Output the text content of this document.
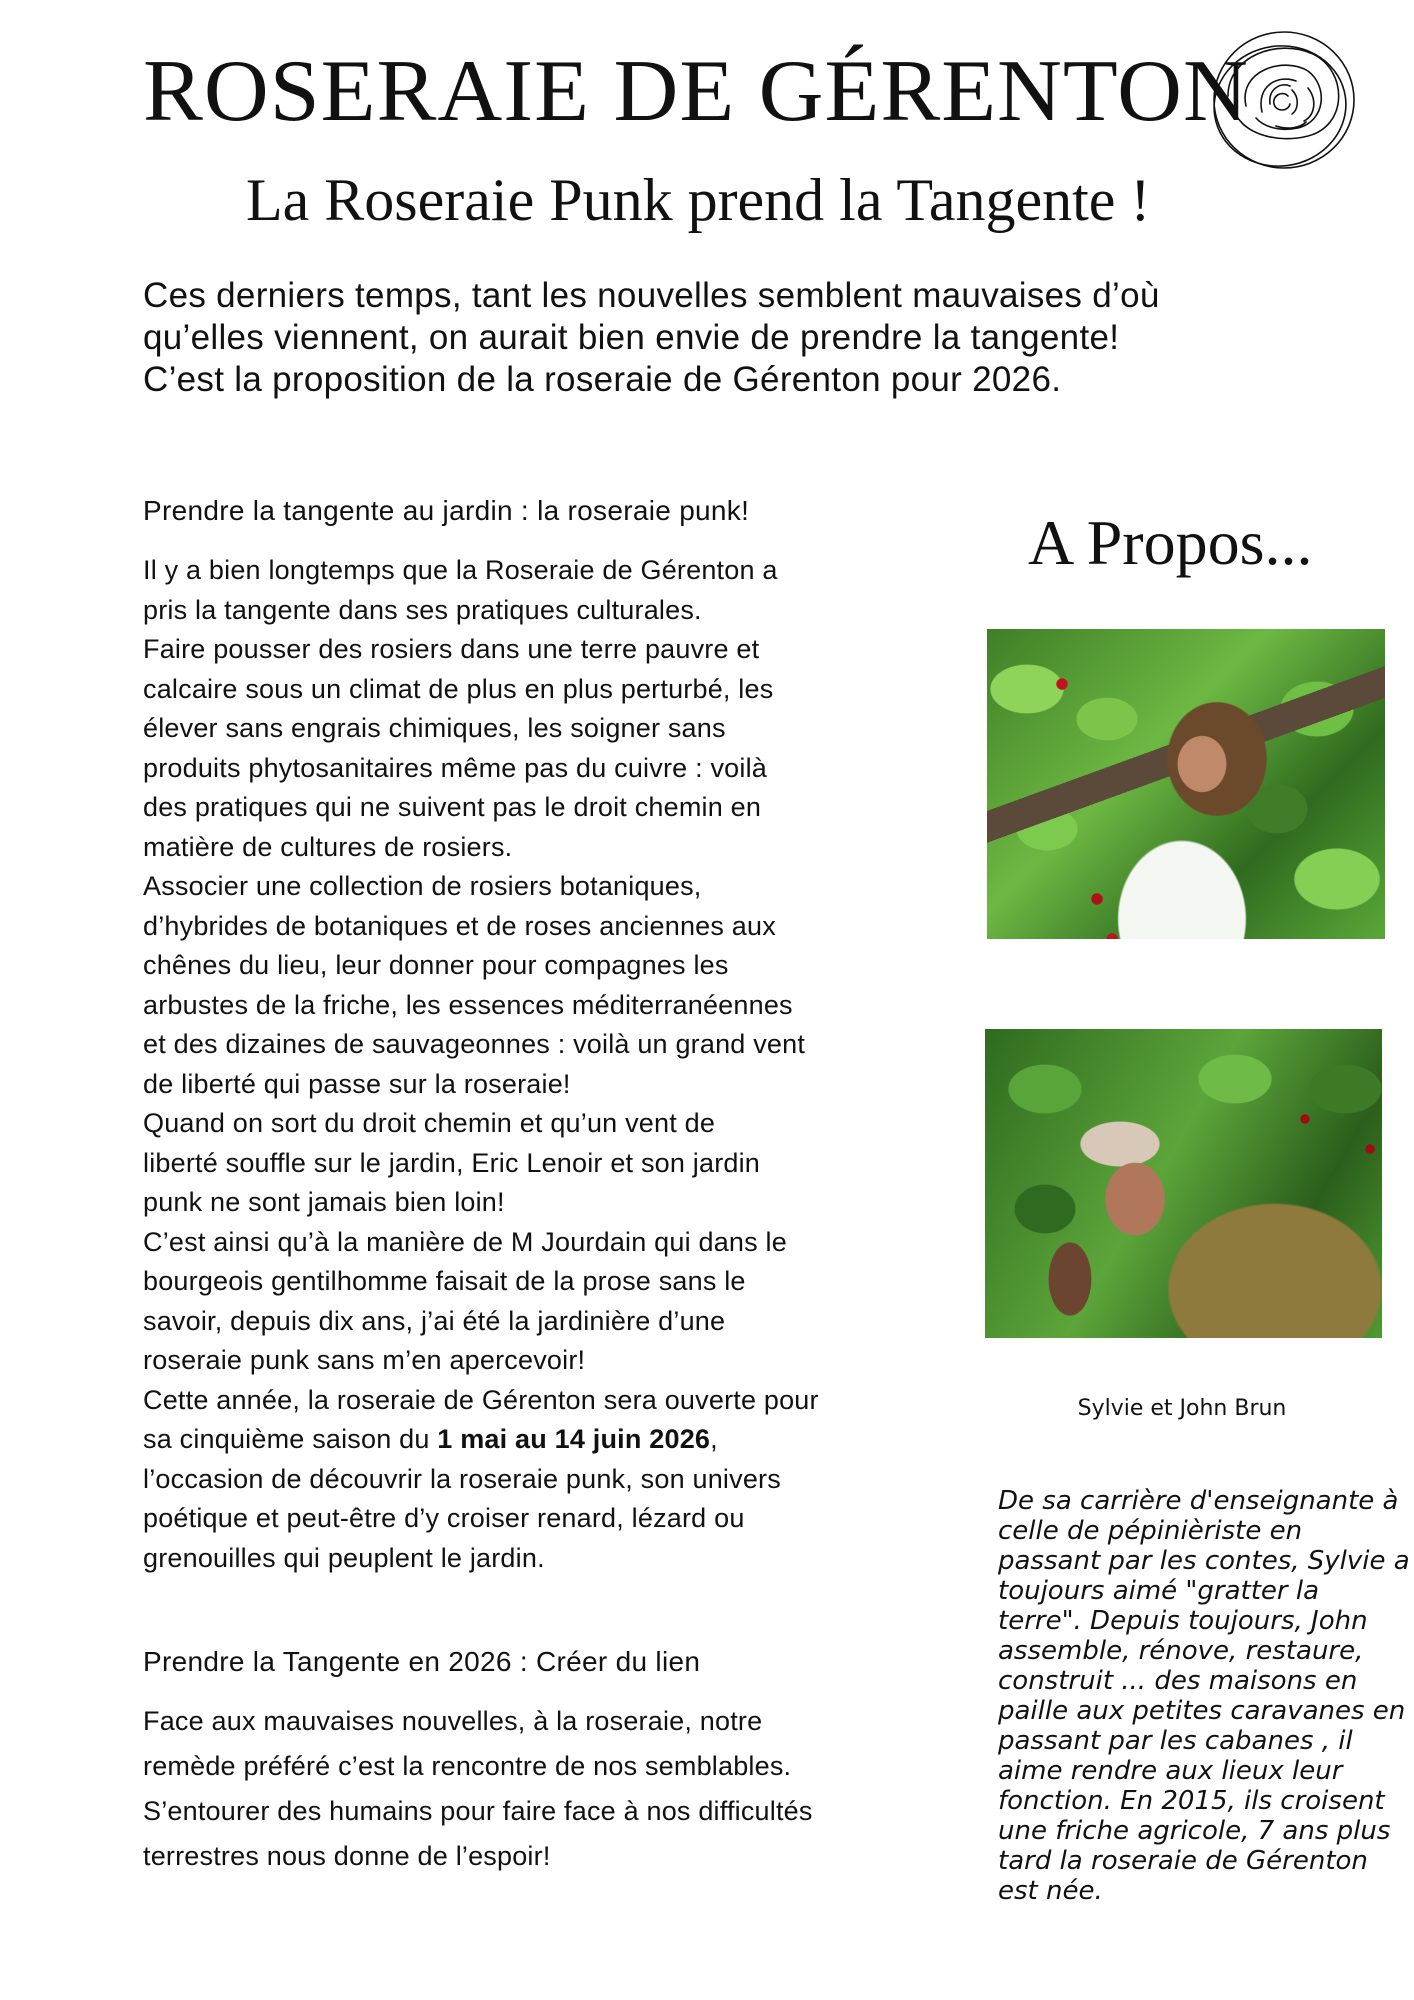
ROSERAIE DE GÉRENTON
La Roseraie Punk prend la Tangente !
Ces derniers temps, tant les nouvelles semblent mauvaises d’où
qu’elles viennent, on aurait bien envie de prendre la tangente!
C’est la proposition de la roseraie de Gérenton pour 2026.
Prendre la tangente au jardin : la roseraie punk!
Il y a bien longtemps que la Roseraie de Gérenton a
pris la tangente dans ses pratiques culturales.
Faire pousser des rosiers dans une terre pauvre et
calcaire sous un climat de plus en plus perturbé, les
élever sans engrais chimiques, les soigner sans
produits phytosanitaires même pas du cuivre : voilà
des pratiques qui ne suivent pas le droit chemin en
matière de cultures de rosiers.
Associer une collection de rosiers botaniques,
d’hybrides de botaniques et de roses anciennes aux
chênes du lieu, leur donner pour compagnes les
arbustes de la friche, les essences méditerranéennes
et des dizaines de sauvageonnes : voilà un grand vent
de liberté qui passe sur la roseraie!
Quand on sort du droit chemin et qu’un vent de
liberté souffle sur le jardin, Eric Lenoir et son jardin
punk ne sont jamais bien loin!
C’est ainsi qu’à la manière de M Jourdain qui dans le
bourgeois gentilhomme faisait de la prose sans le
savoir, depuis dix ans, j’ai été la jardinière d’une
roseraie punk sans m’en apercevoir!
Cette année, la roseraie de Gérenton sera ouverte pour
sa cinquième saison du 1 mai au 14 juin 2026,
l’occasion de découvrir la roseraie punk, son univers
poétique et peut-être d’y croiser renard, lézard ou
grenouilles qui peuplent le jardin.
Prendre la Tangente en 2026 : Créer du lien
Face aux mauvaises nouvelles, à la roseraie, notre
remède préféré c’est la rencontre de nos semblables.
S’entourer des humains pour faire face à nos difficultés
terrestres nous donne de l’espoir!
A Propos...
Sylvie et John Brun
De sa carrière d'enseignante à
celle de pépinièriste en
passant par les contes, Sylvie a
toujours aimé "gratter la
terre". Depuis toujours, John
assemble, rénove, restaure,
construit ... des maisons en
paille aux petites caravanes en
passant par les cabanes , il
aime rendre aux lieux leur
fonction. En 2015, ils croisent
une friche agricole, 7 ans plus
tard la roseraie de Gérenton
est née.
